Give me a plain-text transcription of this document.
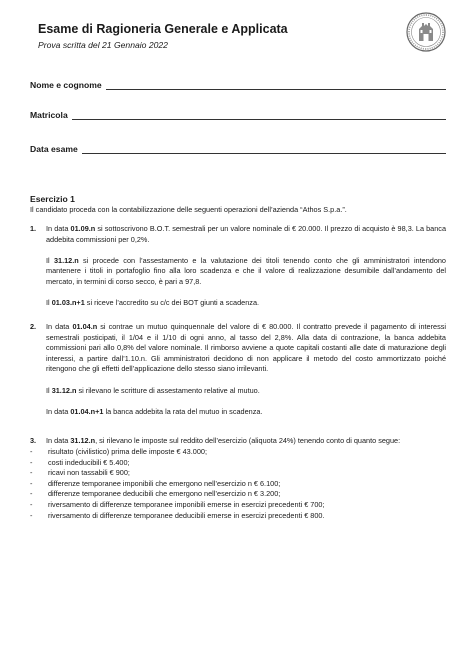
Esame di Ragioneria Generale e Applicata
Prova scritta del 21 Gennaio 2022
Nome e cognome
Matricola
Data esame
Esercizio 1
Il candidato proceda con la contabilizzazione delle seguenti operazioni dell’azienda “Athos S.p.a.”.
1. In data 01.09.n si sottoscrivono B.O.T. semestrali per un valore nominale di € 20.000. Il prezzo di acquisto è 98,3. La banca addebita commissioni per 0,2%.

Il 31.12.n si procede con l’assestamento e la valutazione dei titoli tenendo conto che gli amministratori intendono mantenere i titoli in portafoglio fino alla loro scadenza e che il valore di realizzazione desumibile dall’andamento del mercato, in termini di corso secco, è pari a 97,8.

Il 01.03.n+1 si riceve l’accredito su c/c dei BOT giunti a scadenza.

2. In data 01.04.n si contrae un mutuo quinquennale del valore di € 80.000. Il contratto prevede il pagamento di interessi semestrali posticipati, il 1/04 e il 1/10 di ogni anno, al tasso del 2,8%. Alla data di contrazione, la banca addebita commissioni pari allo 0,8% del valore nominale. Il rimborso avviene a quote capitali costanti alle date di maturazione degli interessi, a partire dall’1.10.n. Gli amministratori decidono di non applicare il metodo del costo ammortizzato poiché ritengono che gli effetti dell’applicazione dello stesso siano irrilevanti.

Il 31.12.n si rilevano le scritture di assestamento relative al mutuo.

In data 01.04.n+1 la banca addebita la rata del mutuo in scadenza.

3. In data 31.12.n, si rilevano le imposte sul reddito dell’esercizio (aliquota 24%) tenendo conto di quanto segue:

- risultato (civilistico) prima delle imposte € 43.000;
- costi indeducibili € 5.400;
- ricavi non tassabili € 900;
- differenze temporanee imponibili che emergono nell’esercizio n € 6.100;
- differenze temporanee deducibili che emergono nell’esercizio n € 3.200;
- riversamento di differenze temporanee imponibili emerse in esercizi precedenti € 700;
- riversamento di differenze temporanee deducibili emerse in esercizi precedenti € 800.
